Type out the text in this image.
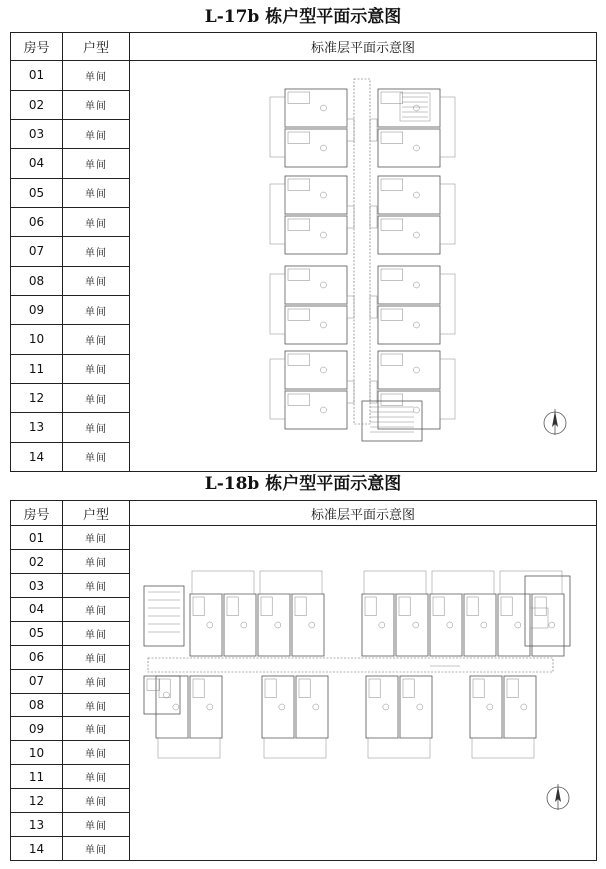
L-17b 栋户型平面示意图
房号	户型	标准层平面示意图
01	单间	
02	单间	
03	单间	
04	单间	
05	单间	
06	单间	
07	单间	
08	单间	
09	单间	
10	单间	
11	单间	
12	单间	
13	单间	
14	单间	
L-18b 栋户型平面示意图
房号	户型	标准层平面示意图
01	单间	
02	单间	
03	单间	
04	单间	
05	单间	
06	单间	
07	单间	
08	单间	
09	单间	
10	单间	
11	单间	
12	单间	
13	单间	
14	单间	
